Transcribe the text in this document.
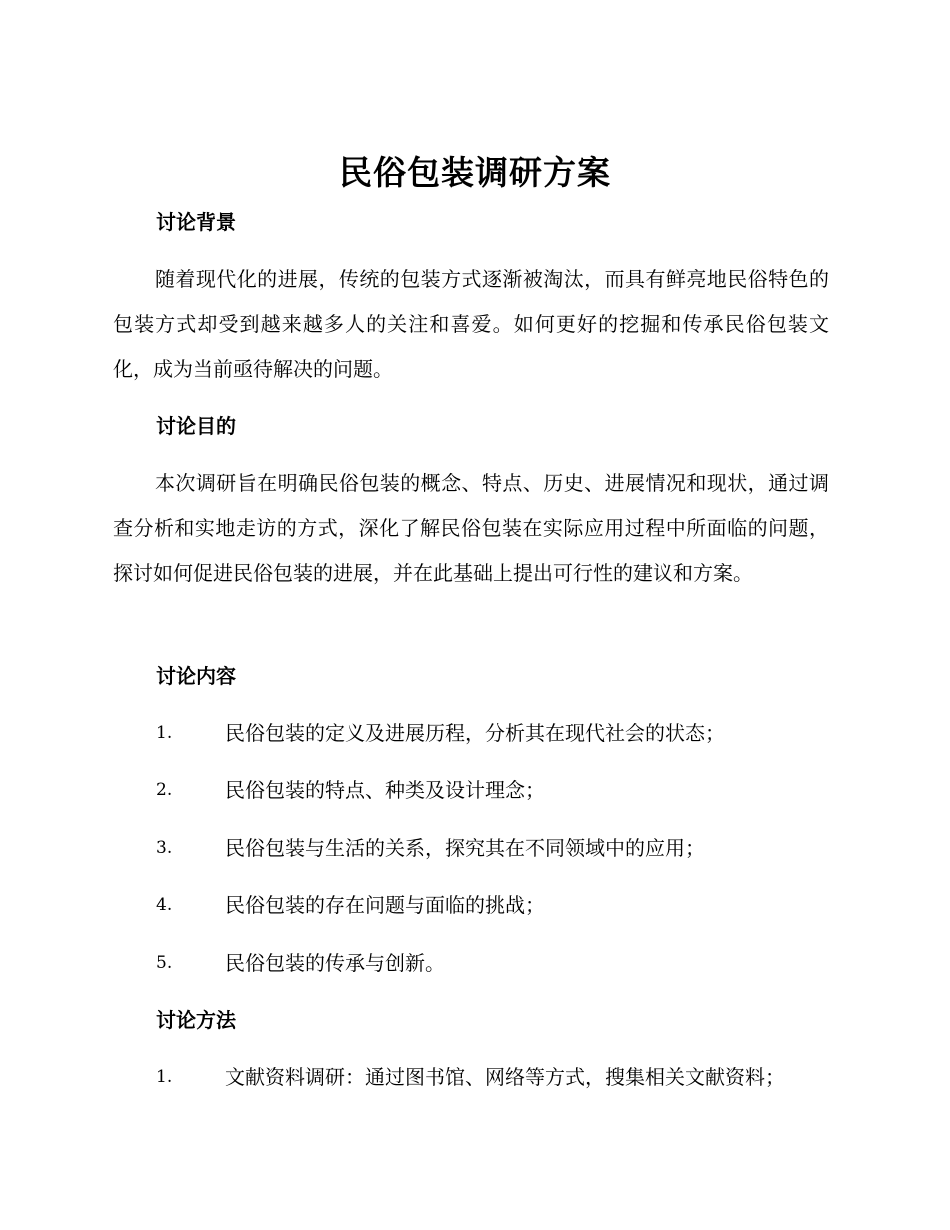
民俗包装调研方案
讨论背景

随着现代化的进展，传统的包装方式逐渐被淘汰，而具有鲜亮地民俗特色的包装方式却受到越来越多人的关注和喜爱。如何更好的挖掘和传承民俗包装文化，成为当前亟待解决的问题。

讨论目的

本次调研旨在明确民俗包装的概念、特点、历史、进展情况和现状，通过调查分析和实地走访的方式，深化了解民俗包装在实际应用过程中所面临的问题，探讨如何促进民俗包装的进展，并在此基础上提出可行性的建议和方案。

讨论内容
1.	民俗包装的定义及进展历程，分析其在现代社会的状态；
2.	民俗包装的特点、种类及设计理念；
3.	民俗包装与生活的关系，探究其在不同领域中的应用；
4.	民俗包装的存在问题与面临的挑战；
5.	民俗包装的传承与创新。
讨论方法
1.	文献资料调研：通过图书馆、网络等方式，搜集相关文献资料；
